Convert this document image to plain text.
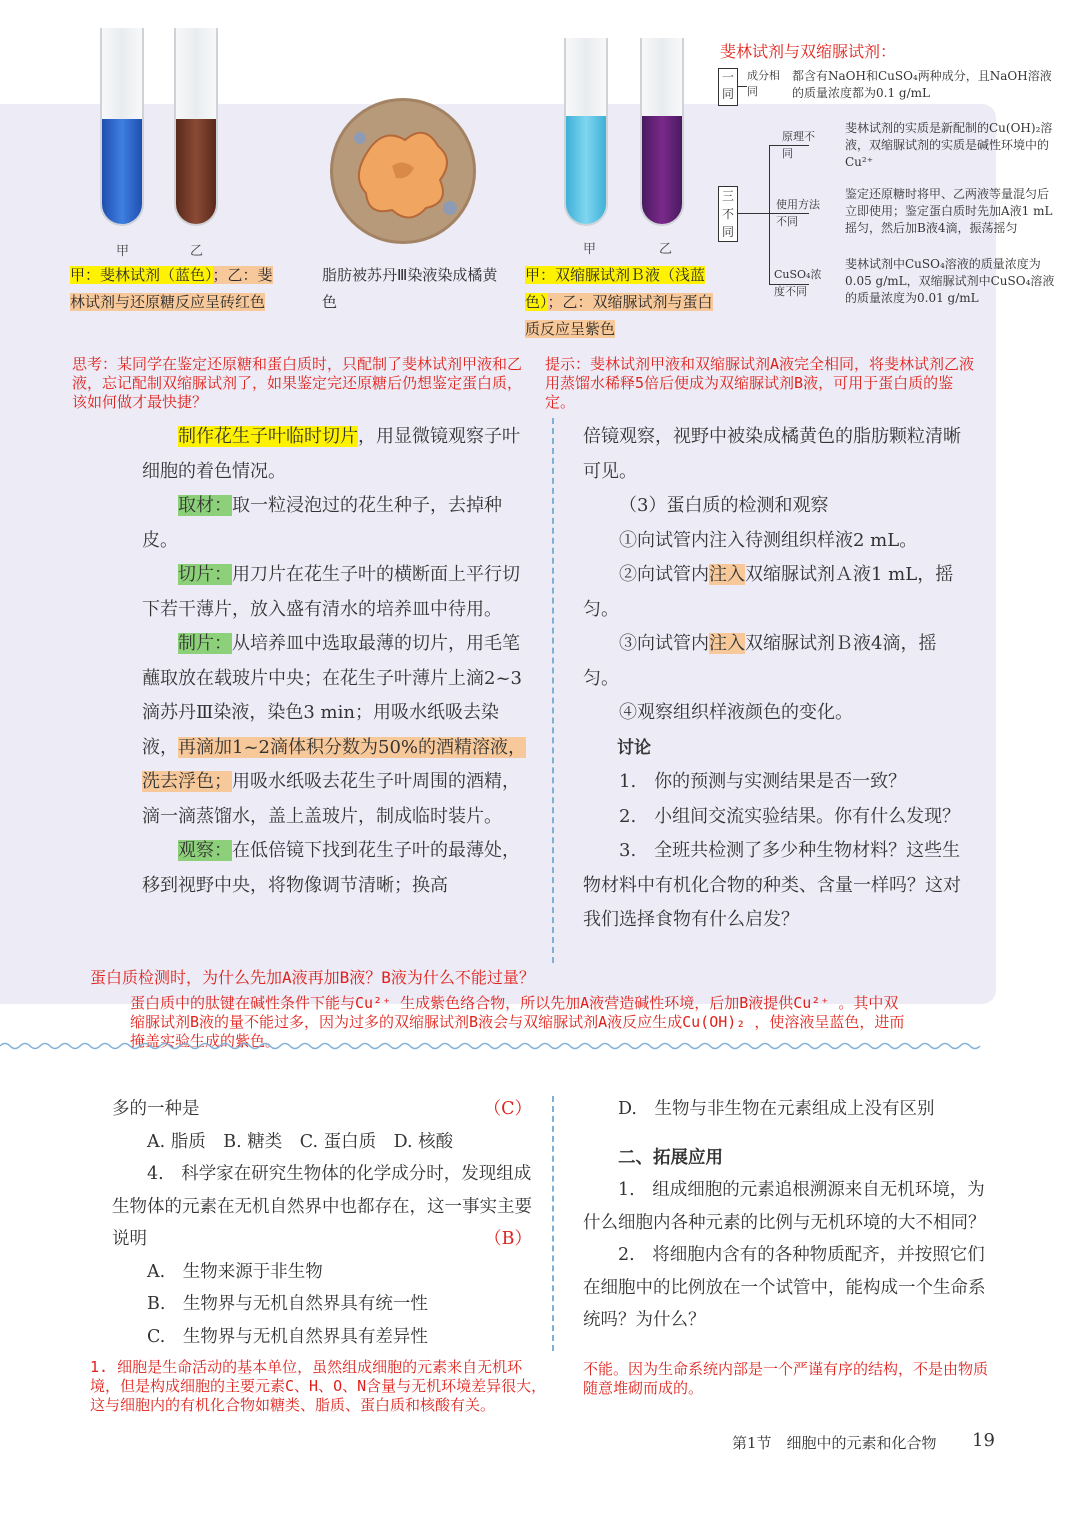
甲	乙
甲：斐林试剂（蓝色）；乙：斐林试剂与还原糖反应呈砖红色
脂肪被苏丹Ⅲ染液染成橘黄色
甲	乙
甲：双缩脲试剂Ｂ液（浅蓝色）；乙：双缩脲试剂与蛋白质反应呈紫色
斐林试剂与双缩脲试剂：
一同
成分相同
都含有NaOH和CuSO₄两种成分，且NaOH溶液的质量浓度都为0.1 g/mL
三不同
原理不同
斐林试剂的实质是新配制的Cu(OH)₂溶液，双缩脲试剂的实质是碱性环境中的Cu²⁺
使用方法不同
鉴定还原糖时将甲、乙两液等量混匀后立即使用；鉴定蛋白质时先加A液1 mL摇匀，然后加B液4滴，振荡摇匀
CuSO₄浓度不同
斐林试剂中CuSO₄溶液的质量浓度为0.05 g/mL，双缩脲试剂中CuSO₄溶液的质量浓度为0.01 g/mL
思考：某同学在鉴定还原糖和蛋白质时，只配制了斐林试剂甲液和乙液，忘记配制双缩脲试剂了，如果鉴定完还原糖后仍想鉴定蛋白质，该如何做才最快捷？
提示：斐林试剂甲液和双缩脲试剂A液完全相同，将斐林试剂乙液用蒸馏水稀释5倍后便成为双缩脲试剂B液，可用于蛋白质的鉴定。

制作花生子叶临时切片，用显微镜观察子叶细胞的着色情况。

取材：取一粒浸泡过的花生种子，去掉种皮。

切片：用刀片在花生子叶的横断面上平行切下若干薄片，放入盛有清水的培养皿中待用。

制片：从培养皿中选取最薄的切片，用毛笔蘸取放在载玻片中央；在花生子叶薄片上滴2~3滴苏丹Ⅲ染液，染色3 min；用吸水纸吸去染液，再滴加1~2滴体积分数为50%的酒精溶液，洗去浮色；用吸水纸吸去花生子叶周围的酒精，滴一滴蒸馏水，盖上盖玻片，制成临时装片。

观察：在低倍镜下找到花生子叶的最薄处，移到视野中央，将物像调节清晰；换高

倍镜观察，视野中被染成橘黄色的脂肪颗粒清晰可见。

（3）蛋白质的检测和观察

①向试管内注入待测组织样液2 mL。

②向试管内注入双缩脲试剂Ａ液1 mL，摇匀。

③向试管内注入双缩脲试剂Ｂ液4滴，摇匀。

④观察组织样液颜色的变化。

讨论

1.　你的预测与实测结果是否一致？

2.　小组间交流实验结果。你有什么发现？

3.　全班共检测了多少种生物材料？这些生物材料中有机化合物的种类、含量一样吗？这对我们选择食物有什么启发？

蛋白质检测时，为什么先加A液再加B液？B液为什么不能过量？
蛋白质中的肽键在碱性条件下能与Cu²⁺ 生成紫色络合物，所以先加A液营造碱性环境，后加B液提供Cu²⁺ 。其中双缩脲试剂B液的量不能过多，因为过多的双缩脲试剂B液会与双缩脲试剂A液反应生成Cu(OH)₂ ，使溶液呈蓝色，进而掩盖实验生成的紫色。

多的一种是	（C）

A. 脂质　B. 糖类　C. 蛋白质　D. 核酸

4.　科学家在研究生物体的化学成分时，发现组成生物体的元素在无机自然界中也都存在，这一事实主要说明	（B）

A.　生物来源于非生物

B.　生物界与无机自然界具有统一性

C.　生物界与无机自然界具有差异性

D.　生物与非生物在元素组成上没有区别

二、拓展应用

1.　组成细胞的元素追根溯源来自无机环境，为什么细胞内各种元素的比例与无机环境的大不相同？

2.　将细胞内含有的各种物质配齐，并按照它们在细胞中的比例放在一个试管中，能构成一个生命系统吗？为什么？

1. 细胞是生命活动的基本单位，虽然组成细胞的元素来自无机环境，但是构成细胞的主要元素C、H、O、N含量与无机环境差异很大，这与细胞内的有机化合物如糖类、脂质、蛋白质和核酸有关。
不能。因为生命系统内部是一个严谨有序的结构，不是由物质随意堆砌而成的。
第1节　细胞中的元素和化合物 19
